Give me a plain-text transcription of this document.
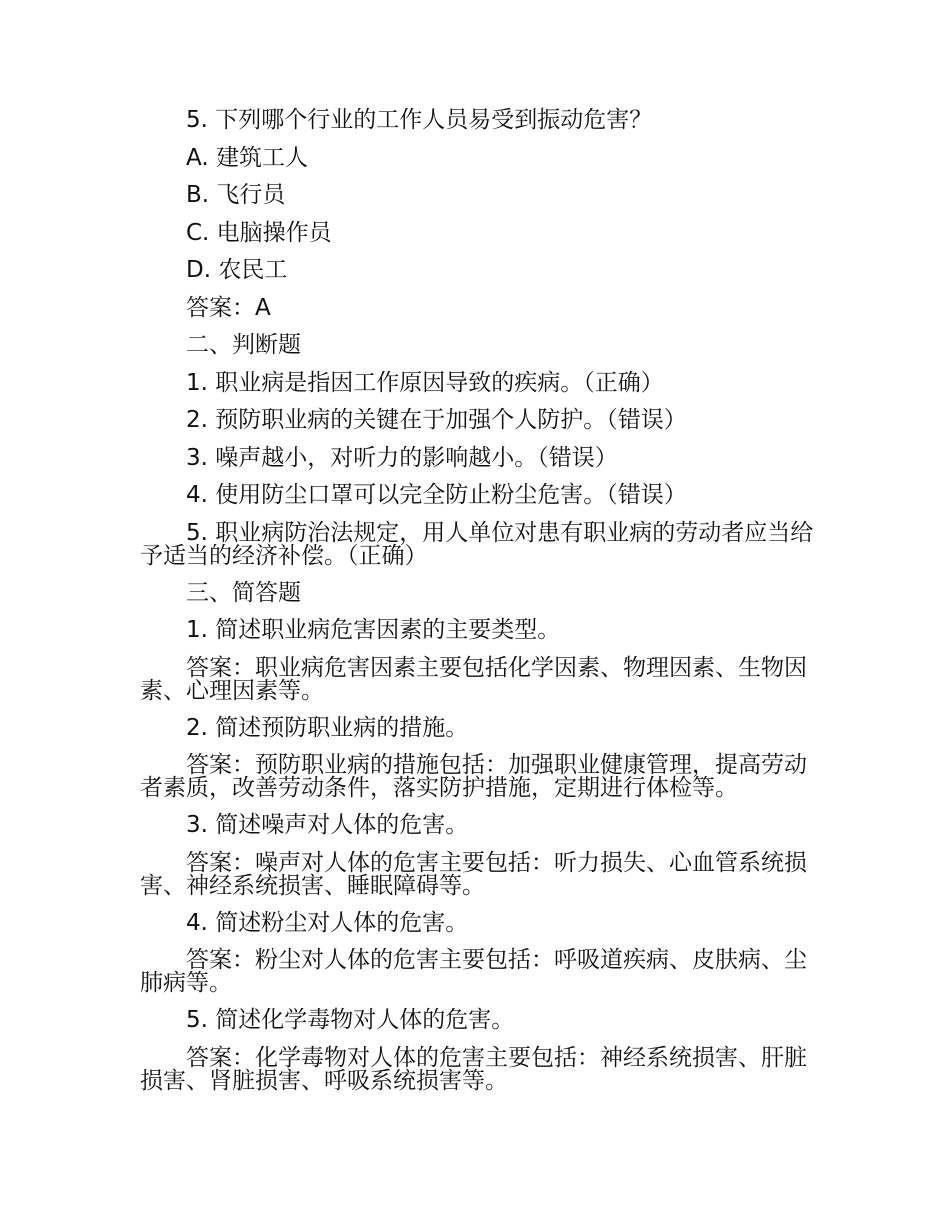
5. 下列哪个行业的工作人员易受到振动危害？

A. 建筑工人

B. 飞行员

C. 电脑操作员

D. 农民工

答案：A

二、判断题

1. 职业病是指因工作原因导致的疾病。（正确）

2. 预防职业病的关键在于加强个人防护。（错误）

3. 噪声越小，对听力的影响越小。（错误）

4. 使用防尘口罩可以完全防止粉尘危害。（错误）

5. 职业病防治法规定，用人单位对患有职业病的劳动者应当给予适当的经济补偿。（正确）

三、简答题

1. 简述职业病危害因素的主要类型。

答案：职业病危害因素主要包括化学因素、物理因素、生物因素、心理因素等。

2. 简述预防职业病的措施。

答案：预防职业病的措施包括：加强职业健康管理，提高劳动者素质，改善劳动条件，落实防护措施，定期进行体检等。

3. 简述噪声对人体的危害。

答案：噪声对人体的危害主要包括：听力损失、心血管系统损害、神经系统损害、睡眠障碍等。

4. 简述粉尘对人体的危害。

答案：粉尘对人体的危害主要包括：呼吸道疾病、皮肤病、尘肺病等。

5. 简述化学毒物对人体的危害。

答案：化学毒物对人体的危害主要包括：神经系统损害、肝脏损害、肾脏损害、呼吸系统损害等。
